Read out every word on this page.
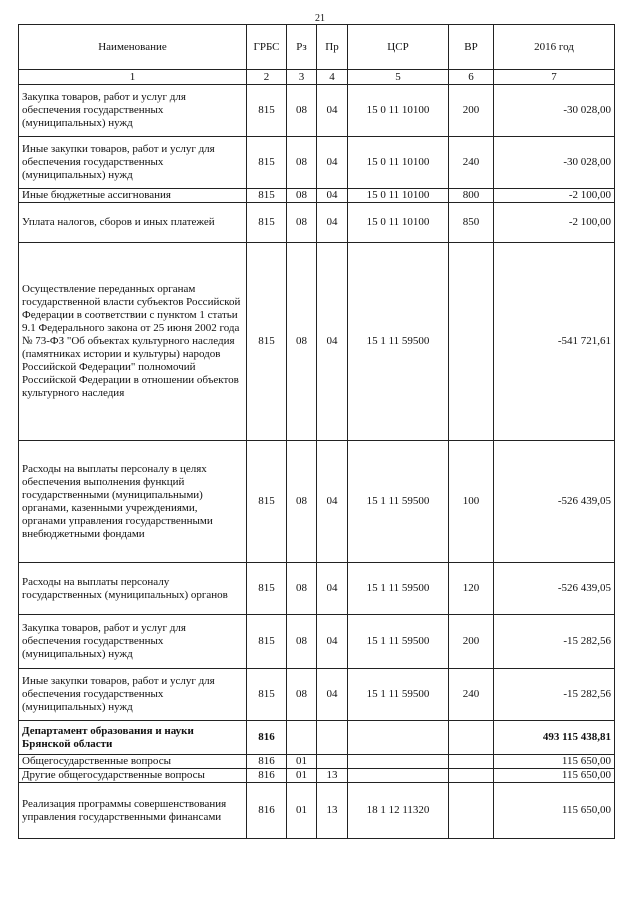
21
Наименование	ГРБС	Рз	Пр	ЦСР	ВР	2016 год
1	2	3	4	5	6	7
Закупка товаров, работ и услуг для обеспечения государственных (муниципальных) нужд	815	08	04	15 0 11 10100	200	-30 028,00
Иные закупки товаров, работ и услуг для обеспечения государственных (муниципальных) нужд	815	08	04	15 0 11 10100	240	-30 028,00
Иные бюджетные ассигнования	815	08	04	15 0 11 10100	800	-2 100,00
Уплата налогов, сборов и иных платежей	815	08	04	15 0 11 10100	850	-2 100,00
Осуществление переданных органам государственной власти субъектов Российской Федерации в соответствии с пунктом 1 статьи 9.1 Федерального закона от 25 июня 2002 года № 73-ФЗ "Об объектах культурного наследия (памятниках истории и культуры) народов Российской Федерации" полномочий Российской Федерации в отношении объектов культурного наследия	815	08	04	15 1 11 59500		-541 721,61
Расходы на выплаты персоналу в целях обеспечения выполнения функций государственными (муниципальными) органами, казенными учреждениями, органами управления государственными внебюджетными фондами	815	08	04	15 1 11 59500	100	-526 439,05
Расходы на выплаты персоналу государственных (муниципальных) органов	815	08	04	15 1 11 59500	120	-526 439,05
Закупка товаров, работ и услуг для обеспечения государственных (муниципальных) нужд	815	08	04	15 1 11 59500	200	-15 282,56
Иные закупки товаров, работ и услуг для обеспечения государственных (муниципальных) нужд	815	08	04	15 1 11 59500	240	-15 282,56
Департамент образования и науки Брянской области	816					493 115 438,81
Общегосударственные вопросы	816	01				115 650,00
Другие общегосударственные вопросы	816	01	13			115 650,00
Реализация программы совершенствования управления государственными финансами	816	01	13	18 1 12 11320		115 650,00
